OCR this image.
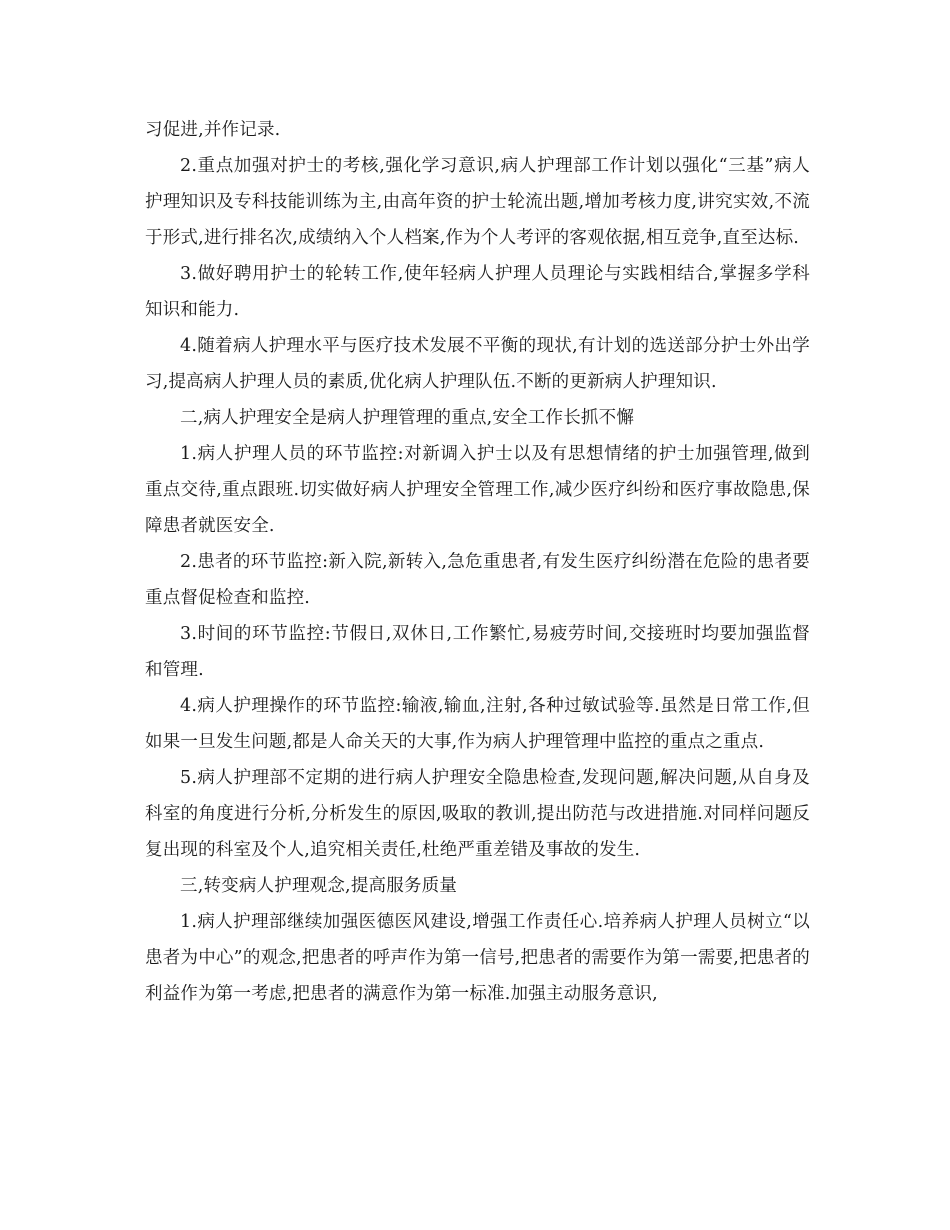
习促进,并作记录.

2.重点加强对护士的考核,强化学习意识,病人护理部工作计划以强化“三基”病人护理知识及专科技能训练为主,由高年资的护士轮流出题,增加考核力度,讲究实效,不流于形式,进行排名次,成绩纳入个人档案,作为个人考评的客观依据,相互竞争,直至达标.

3.做好聘用护士的轮转工作,使年轻病人护理人员理论与实践相结合,掌握多学科知识和能力.

4.随着病人护理水平与医疗技术发展不平衡的现状,有计划的选送部分护士外出学习,提高病人护理人员的素质,优化病人护理队伍.不断的更新病人护理知识.

二,病人护理安全是病人护理管理的重点,安全工作长抓不懈

1.病人护理人员的环节监控:对新调入护士以及有思想情绪的护士加强管理,做到重点交待,重点跟班.切实做好病人护理安全管理工作,减少医疗纠纷和医疗事故隐患,保障患者就医安全.

2.患者的环节监控:新入院,新转入,急危重患者,有发生医疗纠纷潜在危险的患者要重点督促检查和监控.

3.时间的环节监控:节假日,双休日,工作繁忙,易疲劳时间,交接班时均要加强监督和管理.

4.病人护理操作的环节监控:输液,输血,注射,各种过敏试验等.虽然是日常工作,但如果一旦发生问题,都是人命关天的大事,作为病人护理管理中监控的重点之重点.

5.病人护理部不定期的进行病人护理安全隐患检查,发现问题,解决问题,从自身及科室的角度进行分析,分析发生的原因,吸取的教训,提出防范与改进措施.对同样问题反复出现的科室及个人,追究相关责任,杜绝严重差错及事故的发生.

三,转变病人护理观念,提高服务质量

1.病人护理部继续加强医德医风建设,增强工作责任心.培养病人护理人员树立“以患者为中心”的观念,把患者的呼声作为第一信号,把患者的需要作为第一需要,把患者的利益作为第一考虑,把患者的满意作为第一标准.加强主动服务意识,
